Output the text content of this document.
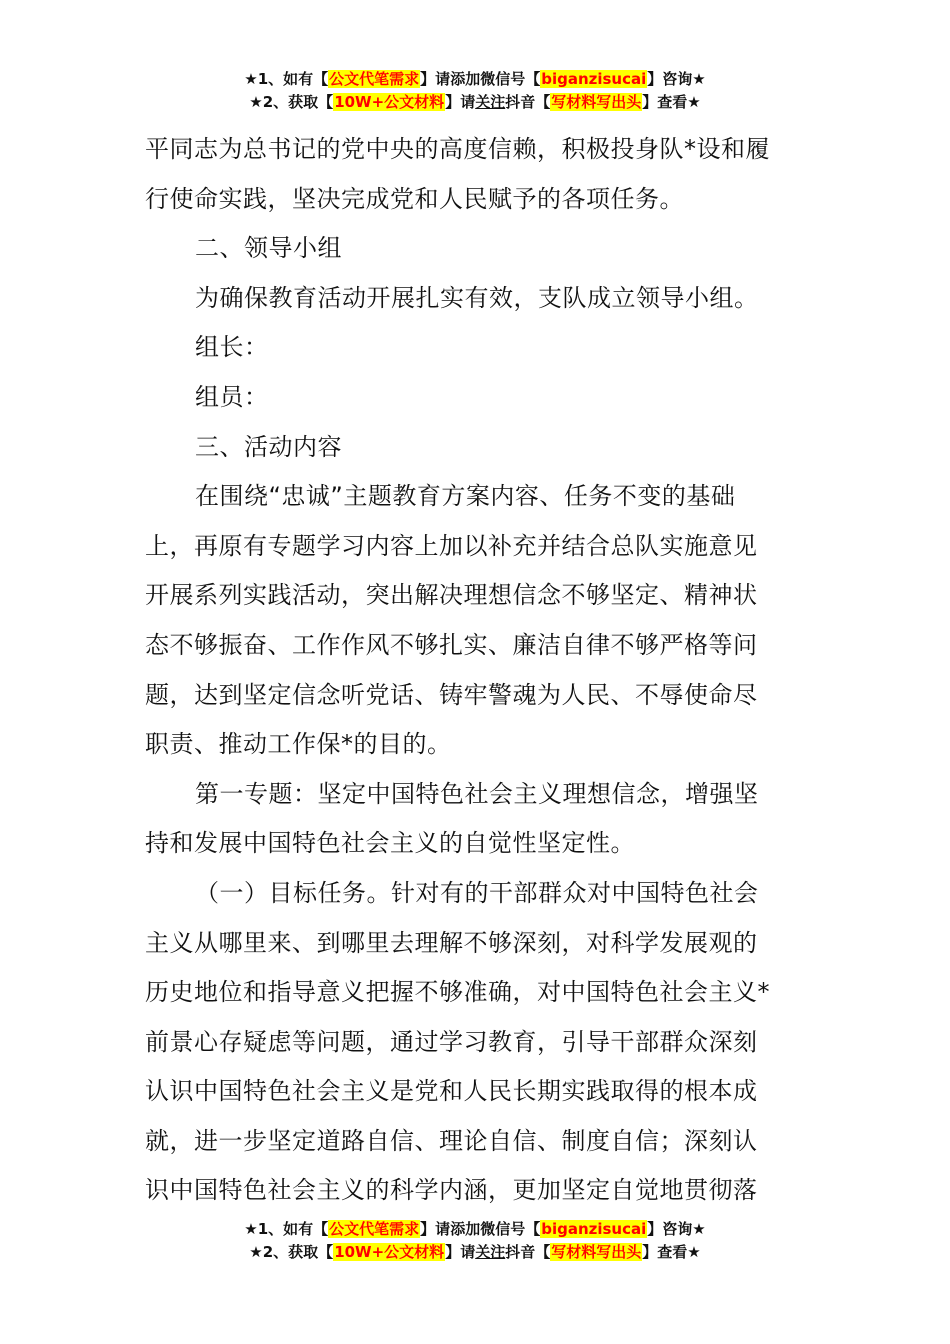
★1、如有【公文代笔需求】请添加微信号【biganzisucai】咨询★
★2、获取【10W+公文材料】请关注抖音【写材料写出头】查看★
平同志为总书记的党中央的高度信赖，积极投身队*设和履
行使命实践，坚决完成党和人民赋予的各项任务。
二、领导小组
为确保教育活动开展扎实有效，支队成立领导小组。
组长：
组员：
三、活动内容
在围绕“忠诚”主题教育方案内容、任务不变的基础
上，再原有专题学习内容上加以补充并结合总队实施意见
开展系列实践活动，突出解决理想信念不够坚定、精神状
态不够振奋、工作作风不够扎实、廉洁自律不够严格等问
题，达到坚定信念听党话、铸牢警魂为人民、不辱使命尽
职责、推动工作保*的目的。
第一专题：坚定中国特色社会主义理想信念，增强坚
持和发展中国特色社会主义的自觉性坚定性。
（一）目标任务。针对有的干部群众对中国特色社会
主义从哪里来、到哪里去理解不够深刻，对科学发展观的
历史地位和指导意义把握不够准确，对中国特色社会主义*
前景心存疑虑等问题，通过学习教育，引导干部群众深刻
认识中国特色社会主义是党和人民长期实践取得的根本成
就，进一步坚定道路自信、理论自信、制度自信；深刻认
识中国特色社会主义的科学内涵，更加坚定自觉地贯彻落
★1、如有【公文代笔需求】请添加微信号【biganzisucai】咨询★
★2、获取【10W+公文材料】请关注抖音【写材料写出头】查看★
